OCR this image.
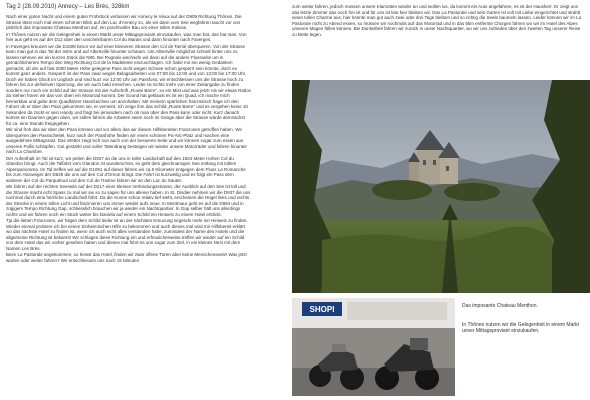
Tag 2 (28.09.2010) Annecy – Les Brès, 328km

Nach einer guten Nacht und einem guten Frühstück verlassen wir Annecy le Vieux auf der D909 Richtung Thônes. Die Strasse lässt noch mal einen schönen Blick auf den Lac d'Annecy zu, als wir dann vom See wegfahren taucht vor uns plötzlich das imposante Chateau Menthon auf, ein prachtvoller Bau vor einer tollen Kulisse.

In Thônes nutzen wir die Gelegenheit in einem Markt unser Mittagsproviant einzukaufen, was man hat, das hat man. Von hier aus geht es auf der D12 über den unscheinbaren Col du Marais und dann hinunter nach Faverges.

In Faverges kreuzen wir die D1508 bevor wir auf einer kleineren Strasse den Col de Tamié überqueren. Von der Strasse kann man gut in das Tal der Isère und auf Albertville hinunter schauen. Um Albertville möglichst schnell hinter uns zu lassen nehmen wir ein kurzes Stück die N90. Bei Rognaix wechseln wir dann auf die andere Flussseite um in gemächlicherem Tempo den Weg Richtung Col de la Madeleine einzuschlagen. Ich habe mir ein wenig Gedanken gemacht, ob der auf fast 2000 Meter Höhe gelegene Pass nicht wegen Schnee schon gesperrt sein könnte, doch es kommt ganz anders. Gesperrt ist der Pass zwar wegen Belagsarbeiten von 07:00 bis 12:00 und von 13:00 bis 17:00 Uhr. Doch wir haben Glück im Unglück und sind kurz vor 12:00 Uhr am Passfuss, wir entschliessen uns die Strasse hoch zu fahren bis zur definitiven Sperrung, die wir auch bald erreichen. Leider ist nichts mehr von einer Zeitangabe zu finden sondern nur noch ein Schild auf der Strasse mit der Aufschrift „Route Barre“, so ein Mist und was jetzt! Als wir etwas Ratlos da stehen hören wir das von oben ein Motorrad kommt. Der Sound hat geklaust es ist ein Quad, ich mache mich bemerkbar und gebe dem Quadfahrer Handzeichen um anzuhalten. Mit meinem spärlichen französisch frage ich den Fahrer ob er über den Pass gekommen sei, er verneint. Ich zeige ihm das Schild „Route Barre“ und es vergehen keine 10 Sekunden da zückt er sein Handy und fragt bei jemandem nach ob man über den Pass kann oder nicht. Kurz danach kommt ein Daumen gegen oben, wir sollen fahren die Arbeiten seien noch im Gange aber die Strasse würde demnächst für ca. eine Stunde freigegeben.

Wir sind froh das wir über den Pass können und vor allem das wir diesen Hilfsbereiten Franzosen getroffen haben. Wir überqueren den Passscheitel, kurz nach der Passhöhe finden wir einen schönen Pic-Nic-Platz und machen eine ausgedehnte Mittagsrast. Das Wetter zeigt sich nun auch von der besseren Seite und wir können sogar zum essen aus unseren Pullis schlüpfen. Gut gestärkt und voller Tatendrang besteigen wir wieder unsere Motorräder und fahren hinunter nach La Chambre.

Der Aufenthalt im Tal ist kurz, wir peilen die D927 an die uns in toller Landschaft auf den 1924 Meter Hohen Col du Glandon bringt. Auch die Talfahrt vom Glandon ist wunderschön, es geht dem gleichnamigen See entlang mit tollem Alpenpanorama. Im Tal treffen wir auf die D1091 auf dieser fahren wir ca.5 Kilometer entgegen dem Fluss La Romanche bis zum Abzweiger der D526 die uns auf den Col d'Ornon bringt. Die Fahrt ist kurzweilig und es folgt ein Pass dem anderen der Col du Parquétout und den Col de l'Holme fahren wir an den Lac du Sautet.

Wir fahren auf der rechten Seeseite auf der D217 einer kleinen Verbindungsstrasse, der Ausblick auf den See ist toll und die Strasse macht echt Spass zu mal wir sie so zu sagen für uns alleine haben. In St. Disdier nehmen wir die D937 die uns nochmal durch eine herrliche Landschaft führt. Da die Sonne schon relativ tief steht, erscheinen die Hügel links und rechts der Strecke in einem tollen Licht und faszinieren uns immer wieder aufs neue. In Montmaur geht es auf die D994 und in zügigem Tempo Richtung Gap, schliesslich brauchen wir ja wieder ein Nachtquartier. In Gap selber hält uns allerdings nichts und wir fahren noch ein Stück weiter bis Daniela auf einem Schild ein Hinweis zu einem Hotel erblickt.

Tja die lieben Franzosen, wir folgen dem Schild leider ist an der nächsten Kreuzung nirgends mehr ein Hinweis zu finden. Wieder einmal probiere ich bei einem Einheimischen Hilfe zu bekommen und auch dieses mal wird mir Hilfsbereit erklärt wo das nächste Hotel zu finden ist, wenn ich auch nicht alles verstanden habe, zumindest der Name des Hotels und die allgemeine Richtung ist bekannt! Wir schlagen diese Richtung ein und erfreulicherweise treffen wir wieder auf ein Schild von dem Hotel das wir vorher gesehen haben und dieses mal führt es uns sogar zum Ziel, in ein kleines Nest mit dem Namen Les Brès.

Beim La Pastorale angekommen, so heisst das Hotel, finden wir zwar offene Türen aber keine Menschenseele! Was jetzt warten oder weiter fahren? Wir entschliessen uns nach 15 Minuten

zum weiter fahren, jedoch müssen unsere Klamotten wieder an und wollen los, da kommt ein Auto angefahren, es ist der Hausherr. Er zeigt uns das letzte Zimmer das noch frei ist und für uns ist klar hier bleiben wir. Das La Pastorale und sein Garten ist voll mit Liebe eingerichtet und strahlt einen tollen Charme aus, hier könnte man gut auch zwei oder drei Tage bleiben und so richtig die Seele baumeln lassen. Leider können wir im La Pastorale nicht zu Abend essen, so müssen wir nochmals auf das Motorrad und in das 5km entfernte Chorges fahren wo wir im Hotel des Alpes unseren Magen füllen können. Bei Dunkelheit fahren wir zurück in unser Nachtquartier, wo wir uns zufrieden über den zweiten Tag unserer Reise zu Bette legen.

SHOPI	Das imposante Chateau Menthon.
In Thônes nutzen wir die Gelegenheit in einem Markt unser Mittagsproviant einzukaufen.
